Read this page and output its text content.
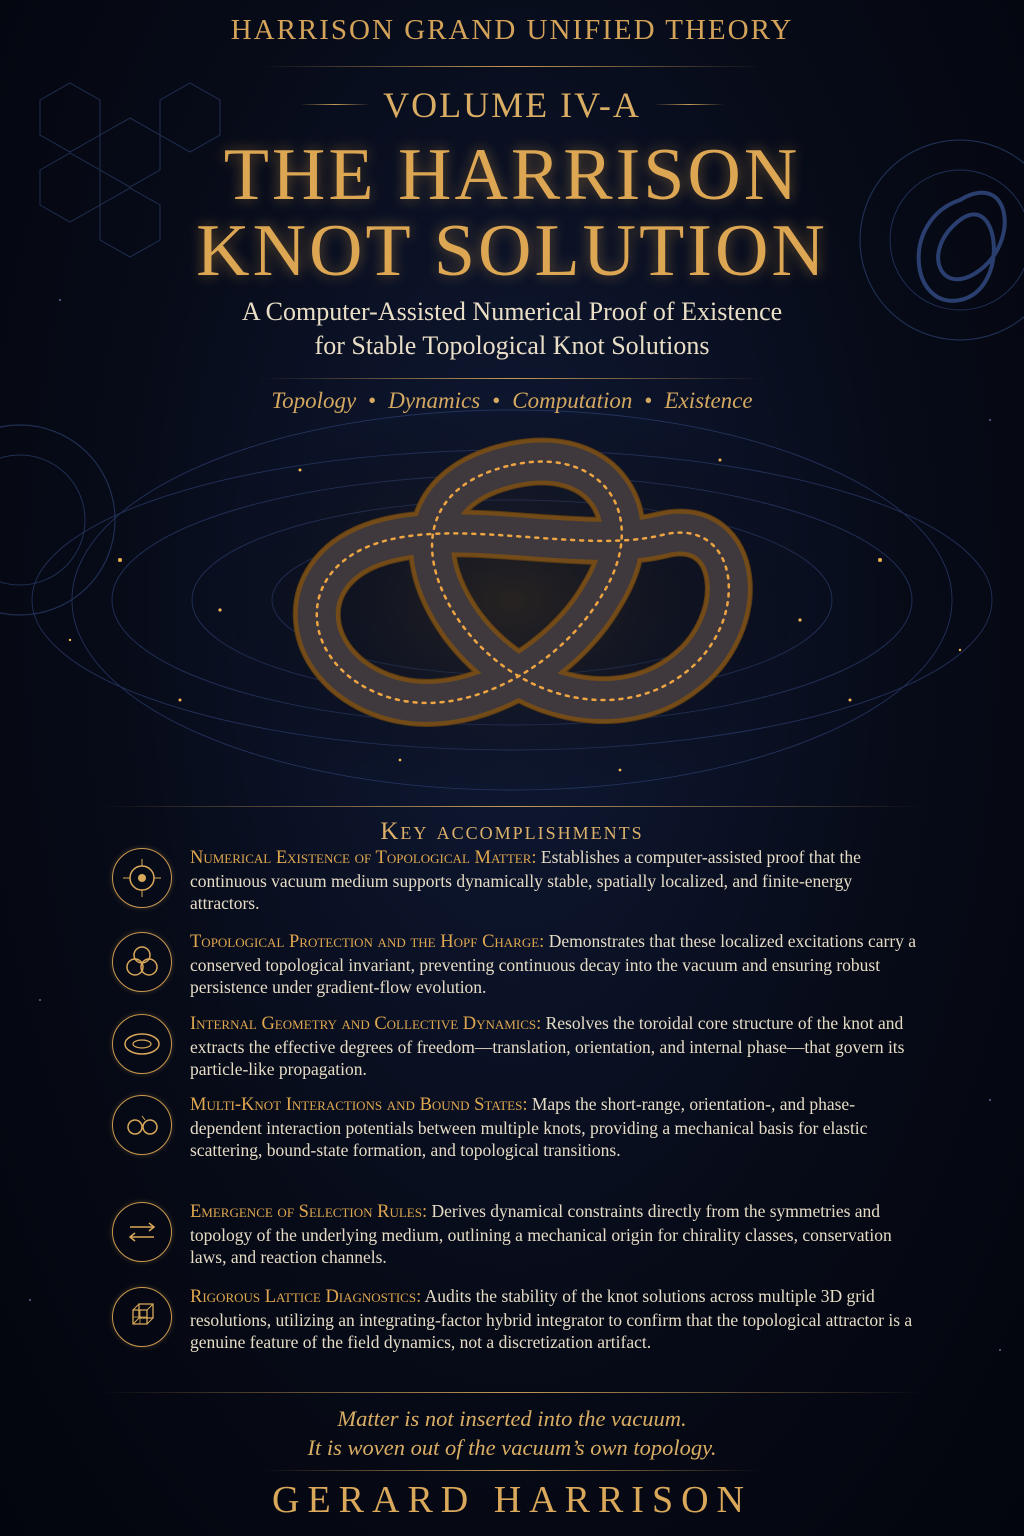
HARRISON GRAND UNIFIED THEORY
VOLUME IV-A
THE HARRISON
KNOT SOLUTION
A Computer-Assisted Numerical Proof of Existence
for Stable Topological Knot Solutions
Topology • Dynamics • Computation • Existence
Key accomplishments
Numerical Existence of Topological Matter: Establishes a computer-assisted proof that the continuous vacuum medium supports dynamically stable, spatially localized, and finite-energy attractors.
Topological Protection and the Hopf Charge: Demonstrates that these localized excitations carry a conserved topological invariant, preventing continuous decay into the vacuum and ensuring robust persistence under gradient-flow evolution.
Internal Geometry and Collective Dynamics: Resolves the toroidal core structure of the knot and extracts the effective degrees of freedom—translation, orientation, and internal phase—that govern its particle-like propagation.
Multi-Knot Interactions and Bound States: Maps the short-range, orientation-, and phase-dependent interaction potentials between multiple knots, providing a mechanical basis for elastic scattering, bound-state formation, and topological transitions.
Emergence of Selection Rules: Derives dynamical constraints directly from the symmetries and topology of the underlying medium, outlining a mechanical origin for chirality classes, conservation laws, and reaction channels.
Rigorous Lattice Diagnostics: Audits the stability of the knot solutions across multiple 3D grid resolutions, utilizing an integrating-factor hybrid integrator to confirm that the topological attractor is a genuine feature of the field dynamics, not a discretization artifact.
Matter is not inserted into the vacuum.
It is woven out of the vacuum’s own topology.
GERARD HARRISON
